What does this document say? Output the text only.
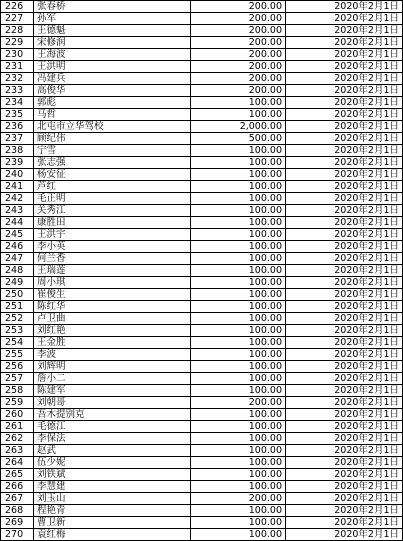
226	张春桥	200.00	2020年2月1日
227	孙军	200.00	2020年2月1日
228	王德魁	200.00	2020年2月1日
229	宋修润	200.00	2020年2月1日
230	王海波	200.00	2020年2月1日
231	王洪明	200.00	2020年2月1日
232	冯建兵	200.00	2020年2月1日
233	高俊华	200.00	2020年2月1日
234	郭彪	100.00	2020年2月1日
235	马哲	100.00	2020年2月1日
236	北屯市立华驾校	2,000.00	2020年2月1日
237	顾纪伟	500.00	2020年2月1日
238	宁雪	100.00	2020年2月1日
239	张志强	100.00	2020年2月1日
240	杨安征	100.00	2020年2月1日
241	芦红	100.00	2020年2月1日
242	毛正明	100.00	2020年2月1日
243	关秀江	100.00	2020年2月1日
244	康胜田	100.00	2020年2月1日
245	王洪宇	100.00	2020年2月1日
246	李小英	100.00	2020年2月1日
247	何兰香	100.00	2020年2月1日
248	王瑞莲	100.00	2020年2月1日
249	周小琪	100.00	2020年2月1日
250	崔俊生	100.00	2020年2月1日
251	陈红华	100.00	2020年2月1日
252	卢卫曲	100.00	2020年2月1日
253	刘红艳	100.00	2020年2月1日
254	王金胜	100.00	2020年2月1日
255	李波	100.00	2020年2月1日
256	刘辉明	100.00	2020年2月1日
257	詹小二	100.00	2020年2月1日
258	陈建军	100.00	2020年2月1日
259	刘朝哥	200.00	2020年2月1日
260	吾木提别克	100.00	2020年2月1日
261	毛德江	100.00	2020年2月1日
262	李保法	100.00	2020年2月1日
263	赵武	100.00	2020年2月1日
264	伍少妮	100.00	2020年2月1日
265	刘铁斌	100.00	2020年2月1日
266	李慧建	100.00	2020年2月1日
267	刘玉山	200.00	2020年2月1日
268	程艳青	100.00	2020年2月1日
269	曹卫新	100.00	2020年2月1日
270	袁红梅	100.00	2020年2月1日
